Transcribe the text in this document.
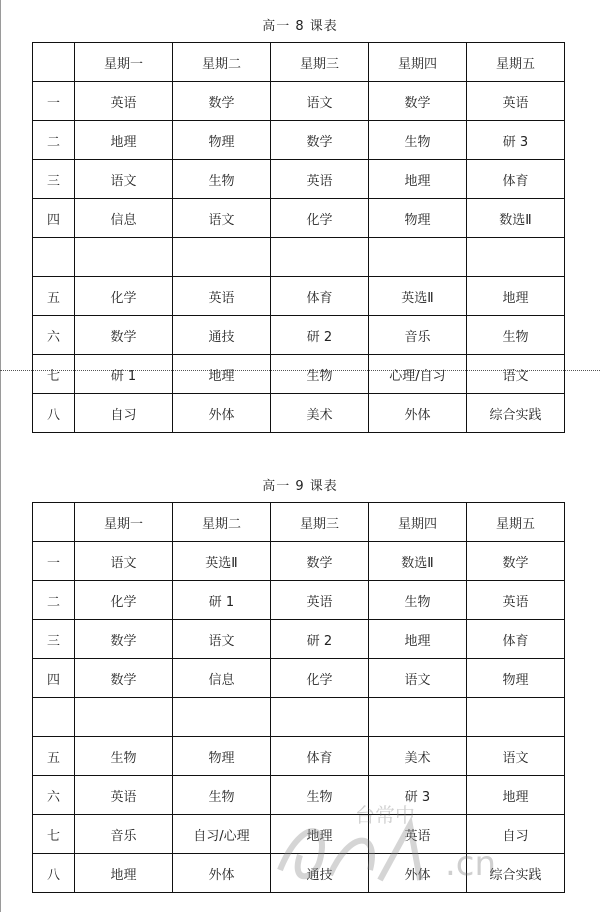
高一 8 课表
	星期一	星期二	星期三	星期四	星期五
一	英语	数学	语文	数学	英语
二	地理	物理	数学	生物	研 3
三	语文	生物	英语	地理	体育
四	信息	语文	化学	物理	数选Ⅱ

五	化学	英语	体育	英选Ⅱ	地理
六	数学	通技	研 2	音乐	生物
七	研 1	地理	生物	心理/自习	语文
八	自习	外体	美术	外体	综合实践
高一 9 课表
	星期一	星期二	星期三	星期四	星期五
一	语文	英选Ⅱ	数学	数选Ⅱ	数学
二	化学	研 1	英语	生物	英语
三	数学	语文	研 2	地理	体育
四	数学	信息	化学	语文	物理

五	生物	物理	体育	美术	语文
六	英语	生物	生物	研 3	地理
七	音乐	自习/心理	地理	英语	自习
八	地理	外体	通技	外体	综合实践
台常中
.cn
